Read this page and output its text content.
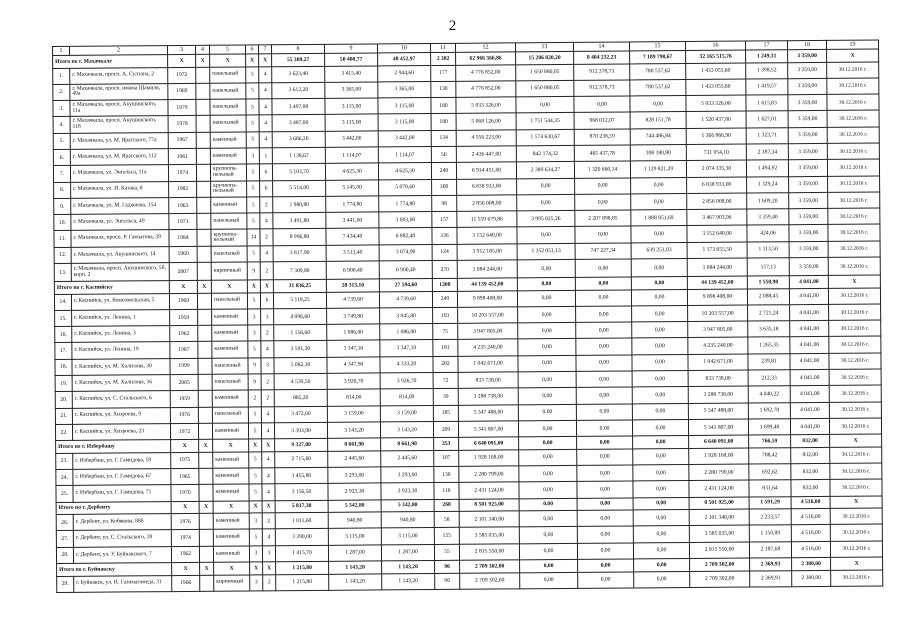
2
1	2	3	4	5	6	7	8	9	10	11	12	13	14	15	16	17	18	19
Итого по г. Махачкале		X	X	X	X	X	55 309,27	50 400,77	48 452,97	2 382	62 966 366,86	15 206 820,20	8 404 232,23	7 189 798,67	32 165 515,76	1 249,31	3 359,00	X
1.	г. Махачкала, просп. А. Султана, 2	1972		панельный	5	4	3 623,40	3 415,40	2 944,60	177	4 776 852,00	1 650 880,05	912 378,73	780 537,62	1 433 055,60	1 398,52	3 359,00	30.12.2016 г.
2.	г. Махачкала, просп. имама Шамиля, 49а	1969		панельный	5	4	3 612,20	3 365,00	3 365,00	130	4 776 852,00	1 650 880,05	912 378,73	780 537,62	1 433 055,60	1 419,57	3 359,00	30.12.2016 г.
3.	г. Махачкала, просп. Акушинского, 11а	1979		панельный	5	4	3 497,00	3 115,00	3 115,00	180	5 033 326,00	0,00	0,00	0,00	5 033 326,00	1 615,83	3 359,00	30.12.2016 г.
4.	г. Махачкала, просп. Акушинского, 11б	1978		панельный	5	4	3 487,00	3 115,00	3 115,00	180	5 068 126,00	1 751 544,35	968 012,07	828 151,78	1 520 437,80	1 627,01	3 359,00	30.12.2016 г.
5.	г. Махачкала, ул. М. Ярагского, 77а	1967		каменный	5	4	3 686,20	3 442,00	3 442,00	134	4 556 223,00	1 574 630,67	870 238,59	744 486,84	1 366 866,90	1 323,71	3 359,00	30.12.2016 г.
6.	г. Махачкала, ул. М. Ярагского, 112	1961		каменный	3	1	1 138,67	1 114,07	1 114,07	56	2 436 447,00	842 174,32	465 437,78	398 180,80	731 054,10	2 187,34	3 359,00	30.12.2016 г.
7.	г. Махачкала, ул. Энгельса, 11а	1974		крупнопа-нельный	5	6	5 103,70	4 625,30	4 625,30	240	6 914 451,00	2 389 634,27	1 320 660,14	1 129 821,29	2 074 335,30	1 494,92	3 359,00	30.12.2016 г.
8.	г. Махачкала, ул. И. Казака, 8	1982		крупнопа-нельный	5	6	5 514,00	5 145,00	5 070,60	300	6 838 933,00	0,00	0,00	0,00	6 838 933,00	1 329,24	3 359,00	30.12.2016 г.
9.	г. Махачкала, ул. М. Гаджиева, 154	1963		каменный	5	2	1 980,80	1 774,80	1 774,80	98	2 856 008,00	0,00	0,00	0,00	2 856 008,00	1 609,20	3 359,00	30.12.2016 г.
10.	г. Махачкала, ул. Энгельса, 49	1971		панельный	5	4	3 491,80	3 441,00	3 003,00	157	11 559 679,86	3 995 025,26	2 207 898,85	1 888 851,69	3 467 903,96	3 359,40	3 359,00	30.12.2016 г.
11.	г. Махачкала, просп. Р. Гамзатова, 39	1984		крупнопа-нельный	14	2	8 996,80	7 434,40	6 882,40	336	3 152 640,00	0,00	0,00	0,00	3 152 640,00	424,06	3 359,00	30.12.2016 г.
12.	г. Махачкала, ул. Акушинского, 14	1969		панельный	5	4	3 817,90	3 513,40	3 074,90	124	3 912 185,00	1 352 051,13	747 227,34	639 251,03	1 173 655,50	1 113,50	3 359,00	30.12.2016 г.
13.	г. Махачкала, просп. Акушинского, 5б, корп. 2	2007		кирпичный	9	2	7 309,80	6 900,40	6 900,40	270	1 084 244,00	0,00	0,00	0,00	1 084 244,00	157,13	3 359,00	30.12.2016 г.
Итого по г. Каспийску		X	X	X	X	X	31 836,25	28 313,10	27 594,60	1308	44 139 452,00	0,00	0,00	0,00	44 139 452,00	1 558,98	4 041,00	X
14.	г. Каспийск, ул. Комсомольская, 5	1969		панельный	5	6	5 118,25	4 739,60	4 739,60	249	9 898 408,00	0,00	0,00	0,00	9 898 408,00	2 088,45	4 041,00	30.12.2016 г.
15.	г. Каспийск, ул. Ленина, 1	1959		каменный	3	3	4 096,60	3 749,80	3 045,80	103	10 203 557,00	0,00	0,00	0,00	10 203 557,00	2 721,24	4 041,00	30.12.2016 г.
16.	г. Каспийск, ул. Ленина, 3	1962		каменный	3	2	1 156,60	1 086,00	1 086,00	75	3 947 805,00	0,00	0,00	0,00	3 947 805,00	3 635,18	4 041,00	30.12.2016 г.
17.	г. Каспийск, ул. Ленина, 19	1987		каменный	5	4	3 591,30	3 347,10	3 347,10	181	4 235 240,00	0,00	0,00	0,00	4 235 240,00	1 265,35	4 041,00	30.12.2016 г.
18.	г. Каспийск, ул. М. Халилова, 30	1999		панельный	9	3	5 082,30	4 347,90	4 333,20	202	1 042 671,00	0,00	0,00	0,00	1 042 671,00	239,81	4 041,00	30.12.2016 г.
19.	г. Каспийск, ул. М. Халилова, 36	2005		панельный	9	2	4 539,50	3 926,70	3 926,70	72	833 738,00	0,00	0,00	0,00	833 738,00	212,33	4 041,00	30.12.2016 г.
20.	г. Каспийск, ул. С. Стальского, 6	1959		каменный	2	2	885,20	814,00	814,00	39	3 288 738,00	0,00	0,00	0,00	3 288 738,00	4 040,22	4 041,00	30.12.2016 г.
21.	г. Каспийск, ул. Хизроева, 9	1976		панельный	5	4	3 472,60	3 159,00	3 159,00	185	5 347 488,00	0,00	0,00	0,00	5 347 488,00	1 692,78	4 041,00	30.12.2016 г.
22.	г. Каспийск, ул. Хизроева, 23	1972		каменный	5	4	3 393,90	3 143,20	3 143,20	209	5 341 807,00	0,00	0,00	0,00	5 341 807,00	1 699,48	4 041,00	30.12.2016 г.
Итого по г. Избербашу		X	X	X	X	X	9 327,00	8 661,90	8 661,90	353	6 640 091,00	0,00	0,00	0,00	6 640 091,00	766,59	832,00	X
23.	г. Избербаш, ул. Г. Гамидова, 59	1975		каменный	5	4	2 715,60	2 445,60	2 445,60	107	1 928 168,00	0,00	0,00	0,00	1 928 168,00	788,42	832,00	30.12.2016 г.
24.	г. Избербаш, ул. Г. Гамидова, 67	1965		каменный	5	4	3 455,80	3 293,00	3 293,00	130	2 280 799,00	0,00	0,00	0,00	2 280 799,00	692,62	832,00	30.12.2016 г.
25.	г. Избербаш, ул. Г. Гамидова, 71	1970		каменный	5	4	3 156,50	2 923,30	2 923,30	116	2 431 124,00	0,00	0,00	0,00	2 431 124,00	831,64	832,00	30.12.2016 г.
Итого по г. Дербенту		X	X	X	X	X	5 817,30	5 342,80	5 342,80	268	8 501 925,00	0,00	0,00	0,00	8 501 925,00	1 591,29	4 516,00	X
26.	г. Дербент, ул. Кобякова, 88б	1976		каменный	3	2	1 011,60	940,80	940,80	58	2 101 340,00	0,00	0,00	0,00	2 101 340,00	2 233,57	4 516,00	30.12.2016 г.
27.	г. Дербент, ул. С. Стальского, 39	1974		каменный	5	4	3 390,00	3 115,00	3 115,00	155	3 585 035,00	0,00	0,00	0,00	3 585 035,00	1 150,89	4 516,00	30.12.2016 г.
28.	г. Дербент, ул. У. Буйнакского, 7	1962		каменный	3	3	1 415,70	1 287,00	1 287,00	55	2 815 550,00	0,00	0,00	0,00	2 815 550,00	2 187,68	4 516,00	30.12.2016 г.
Итого по г. Буйнакску		X	X	X	X	X	1 215,80	1 143,20	1 143,20	96	2 709 302,00	0,00	0,00	0,00	2 709 302,00	2 369,93	2 380,00	X
29.	г. Буйнакск, ул. И. Газимагомеда, 31	1966		кирпичный	3	2	1 215,80	1 143,20	1 143,20	96	2 709 302,00	0,00	0,00	0,00	2 709 302,00	2 369,93	2 380,00	30.12.2016 г.
